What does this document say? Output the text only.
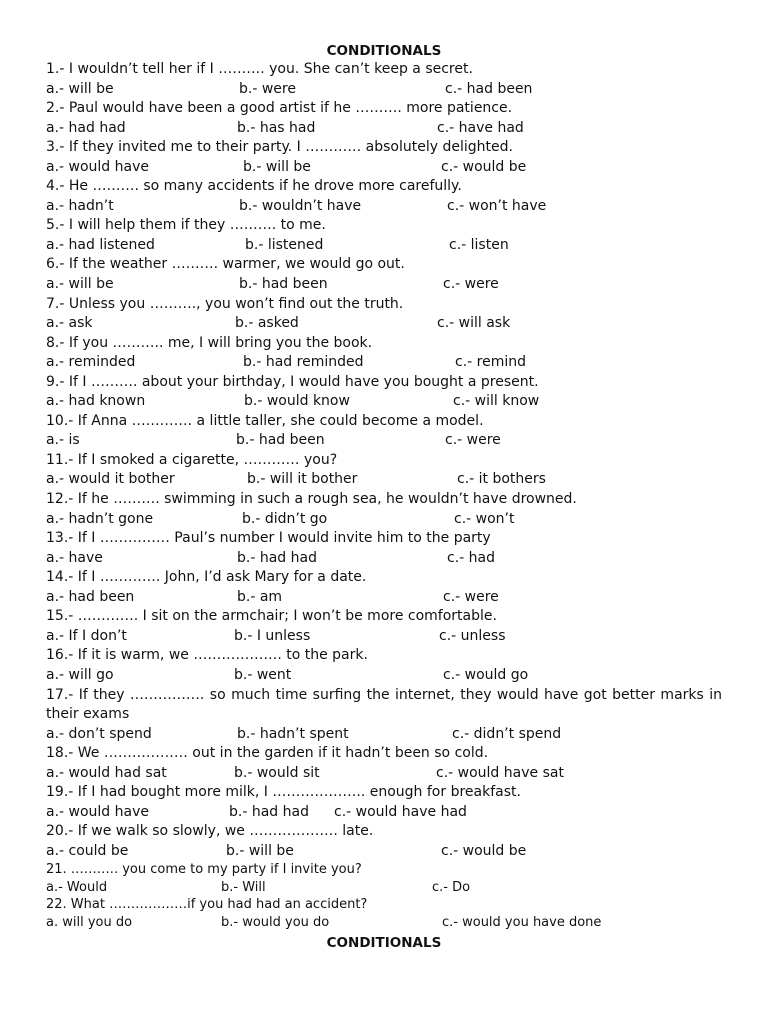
CONDITIONALS
1.- I wouldn’t tell her if I ………. you. She can’t keep a secret.
a.- will be	b.- were	c.- had been
2.- Paul would have been a good artist if he ………. more patience.
a.- had had	b.- has had	c.- have had
3.- If they invited me to their party. I ………… absolutely delighted.
a.- would have	b.- will be	c.- would be
4.- He ………. so many accidents if he drove more carefully.
a.- hadn’t	b.- wouldn’t have	c.- won’t have
5.- I will help them if they ………. to me.
a.- had listened	b.- listened	c.- listen
6.- If the weather ………. warmer, we would go out.
a.- will be	b.- had been	c.- were
7.- Unless you ………., you won’t find out the truth.
a.- ask	b.- asked	c.- will ask
8.- If you ……….. me, I will bring you the book.
a.- reminded	b.- had reminded	c.- remind
9.- If I ………. about your birthday, I would have you bought a present.
a.- had known	b.- would know	c.- will know
10.- If Anna …………. a little taller, she could become a model.
a.- is	b.- had been	c.- were
11.- If I smoked a cigarette, ………… you?
a.- would it bother	b.- will it bother	c.- it bothers
12.- If he ………. swimming in such a rough sea, he wouldn’t have drowned.
a.- hadn’t gone	b.- didn’t go	c.- won’t
13.- If I …………… Paul’s number I would invite him to the party
a.- have	b.- had had	c.- had
14.- If I …………. John, I’d ask Mary for a date.
a.- had been	b.- am	c.- were
15.- …………. I sit on the armchair; I won’t be more comfortable.
a.- If I don’t	b.- I unless	c.- unless
16.- If it is warm, we ………………. to the park.
a.- will go	b.- went	c.- would go
17.- If they ……………. so much time surfing the internet, they would have got better marks in their exams
a.- don’t spend	b.- hadn’t spent	c.- didn’t spend
18.- We ……………… out in the garden if it hadn’t been so cold.
a.- would had sat	b.- would sit	c.- would have sat
19.- If I had bought more milk, I ……………….. enough for breakfast.
a.- would have	b.- had had c.- would have had
20.- If we walk so slowly, we ………………. late.
a.- could be	b.- will be	c.- would be
21. ……….. you come to my party if I invite you?
a.- Would	b.- Will	c.- Do
22. What ………………if you had had an accident?
a. will you do	b.- would you do	c.- would you have done
CONDITIONALS
